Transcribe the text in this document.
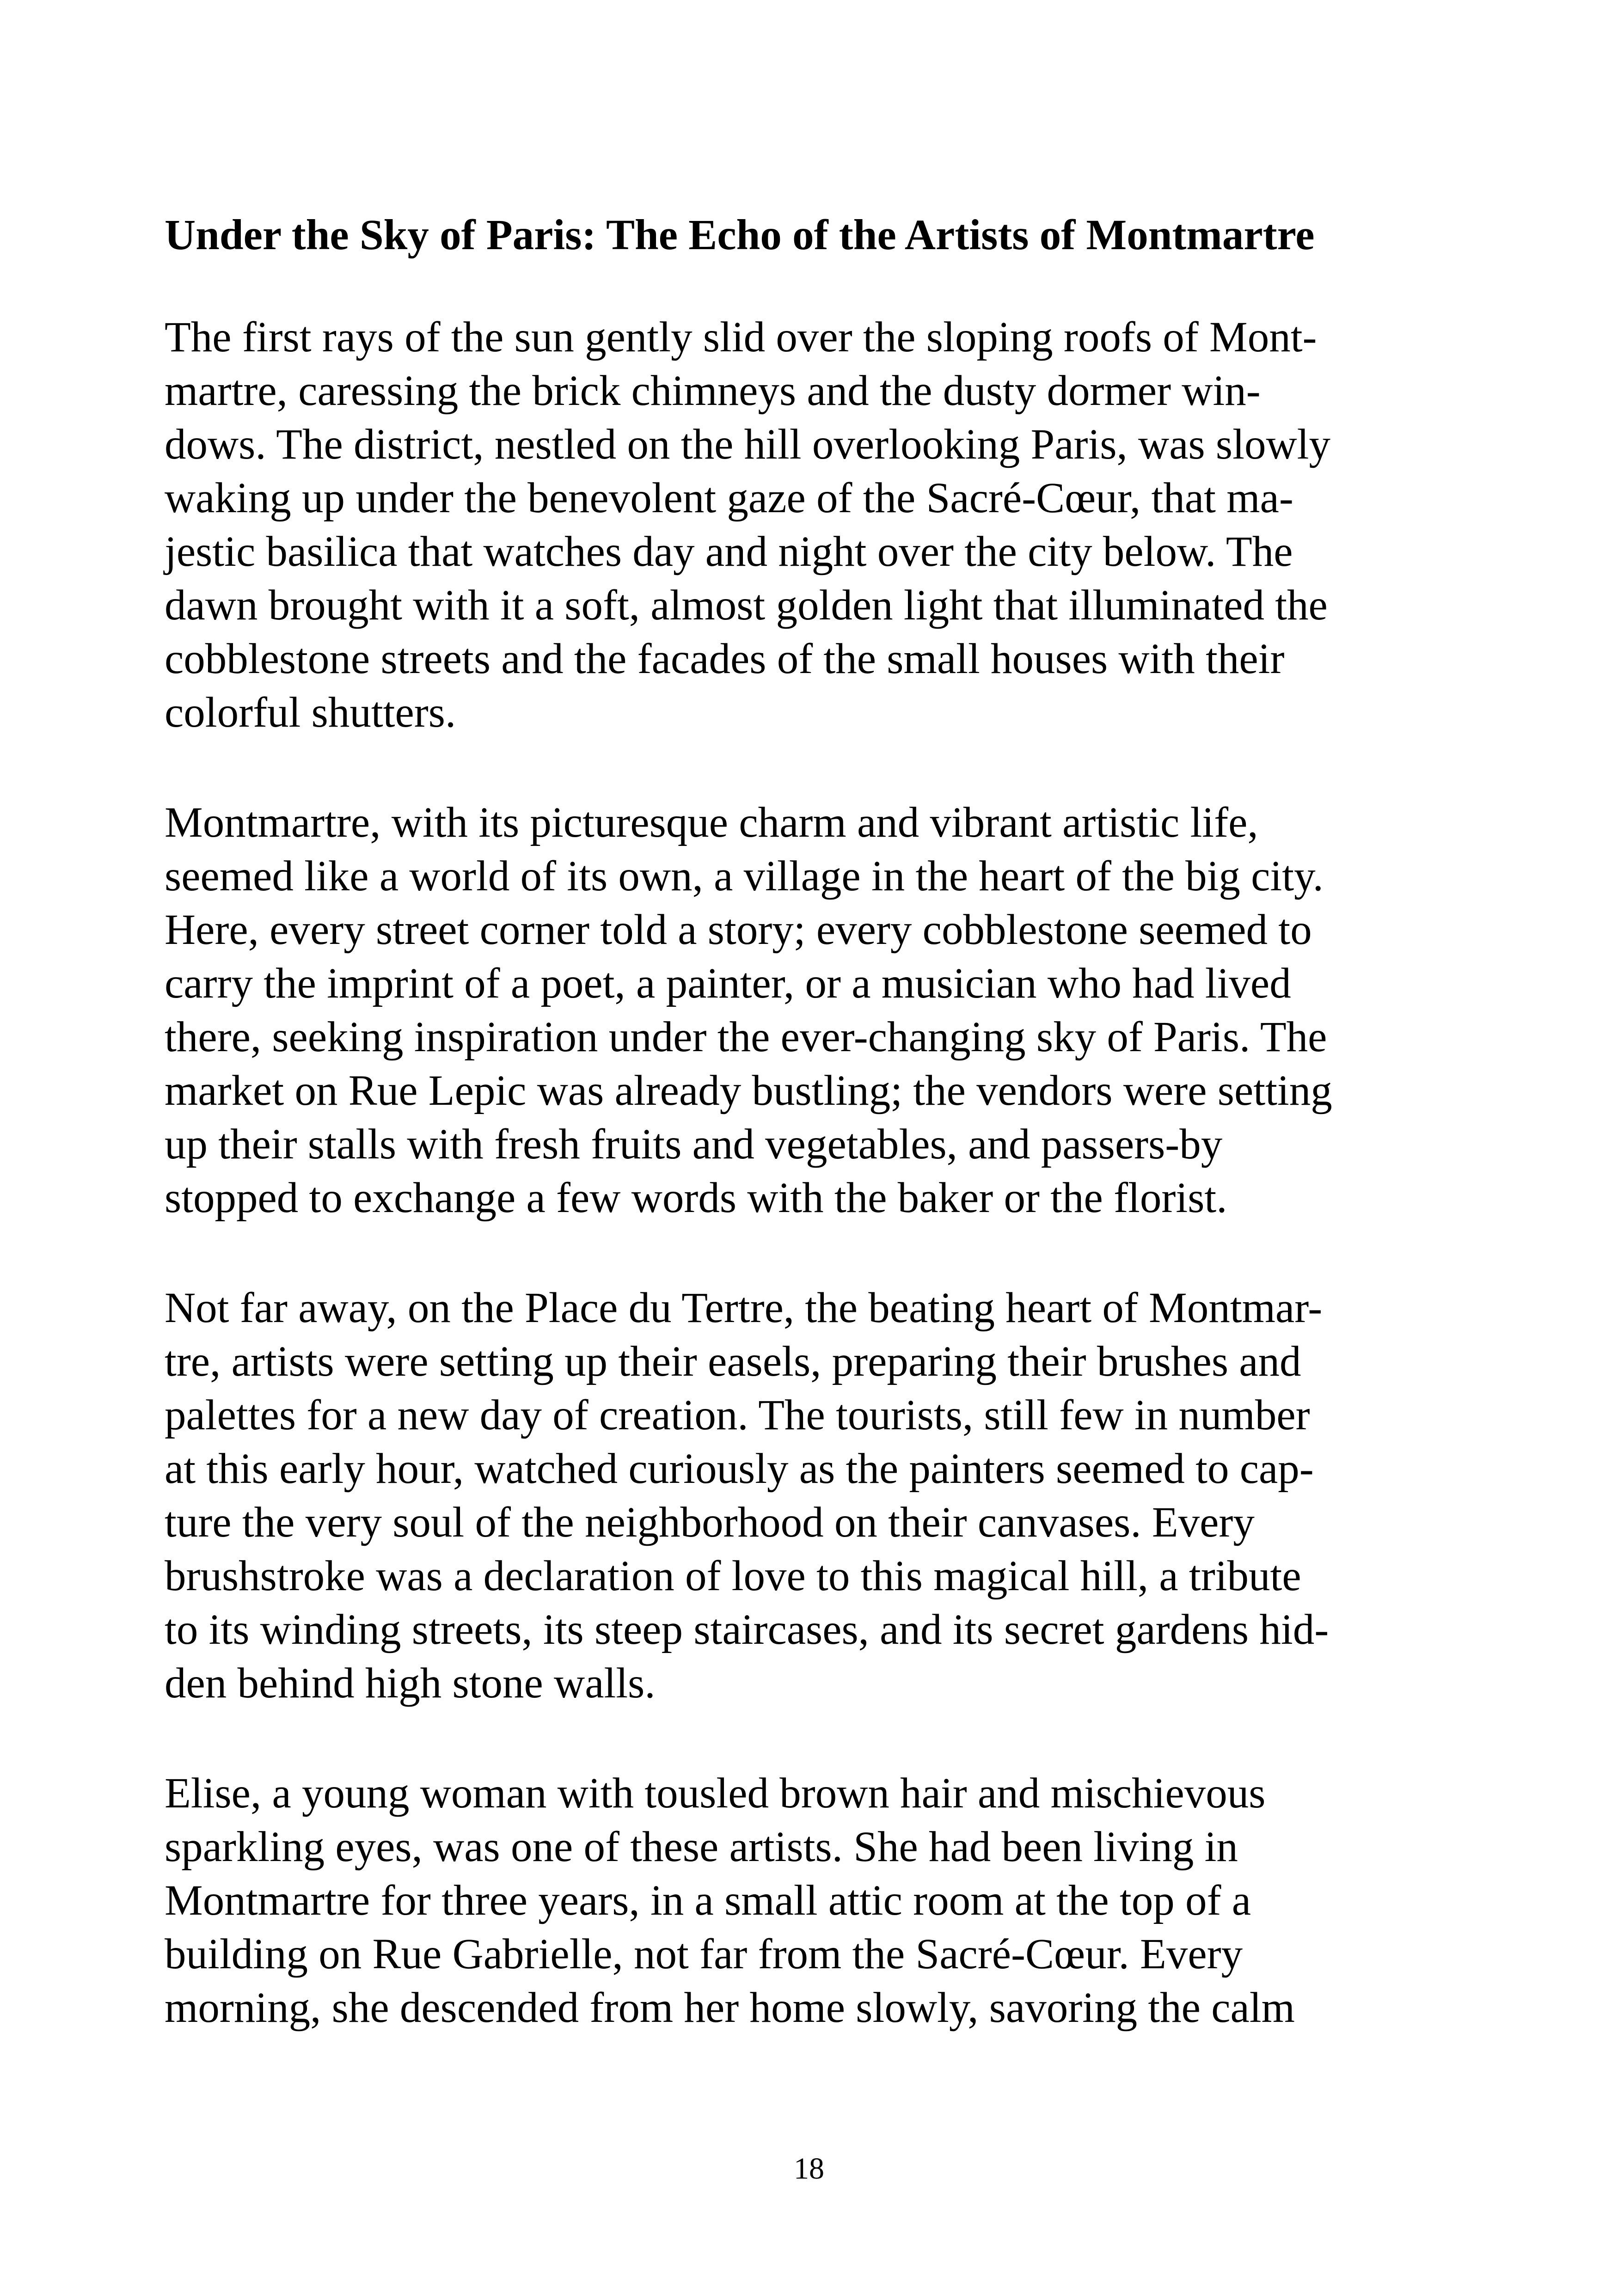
Under the Sky of Paris: The Echo of the Artists of Montmartre

The first rays of the sun gently slid over the sloping roofs of Mont-
martre, caressing the brick chimneys and the dusty dormer win-
dows. The district, nestled on the hill overlooking Paris, was slowly
waking up under the benevolent gaze of the Sacré-Cœur, that ma-
jestic basilica that watches day and night over the city below. The
dawn brought with it a soft, almost golden light that illuminated the
cobblestone streets and the facades of the small houses with their
colorful shutters.

Montmartre, with its picturesque charm and vibrant artistic life,
seemed like a world of its own, a village in the heart of the big city.
Here, every street corner told a story; every cobblestone seemed to
carry the imprint of a poet, a painter, or a musician who had lived
there, seeking inspiration under the ever-changing sky of Paris. The
market on Rue Lepic was already bustling; the vendors were setting
up their stalls with fresh fruits and vegetables, and passers-by
stopped to exchange a few words with the baker or the florist.

Not far away, on the Place du Tertre, the beating heart of Montmar-
tre, artists were setting up their easels, preparing their brushes and
palettes for a new day of creation. The tourists, still few in number
at this early hour, watched curiously as the painters seemed to cap-
ture the very soul of the neighborhood on their canvases. Every
brushstroke was a declaration of love to this magical hill, a tribute
to its winding streets, its steep staircases, and its secret gardens hid-
den behind high stone walls.

Elise, a young woman with tousled brown hair and mischievous
sparkling eyes, was one of these artists. She had been living in
Montmartre for three years, in a small attic room at the top of a
building on Rue Gabrielle, not far from the Sacré-Cœur. Every
morning, she descended from her home slowly, savoring the calm

18
